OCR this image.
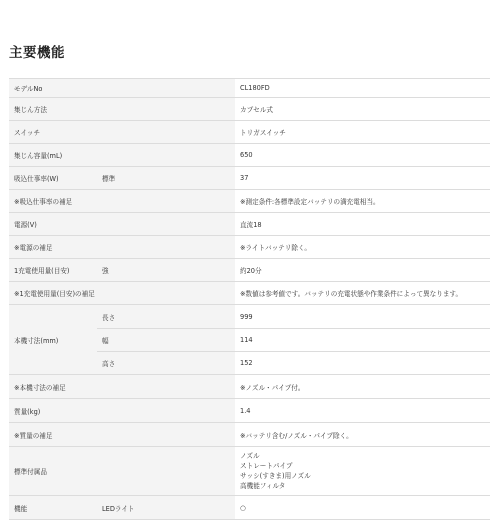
主要機能
モデルNo		CL180FD
集じん方法		カプセル式
スイッチ		トリガスイッチ
集じん容量(mL)		650
吸込仕事率(W)	標準	37
※吸込仕事率の補足		※測定条件:各標準設定バッテリの満充電相当。
電源(V)		直流18
※電源の補足		※ライトバッテリ除く。
1充電使用量(目安)	強	約20分
※1充電使用量(目安)の補足		※数値は参考値です。バッテリの充電状態や作業条件によって異なります。
本機寸法(mm)	長さ	999
	幅	114
	高さ	152
※本機寸法の補足		※ノズル・パイプ付。
質量(kg)		1.4
※質量の補足		※バッテリ含む/ノズル・パイプ除く。
標準付属品		ノズル
ストレートパイプ
サッシ(すきま)用ノズル
高機能フィルタ

機能	LEDライト	○
